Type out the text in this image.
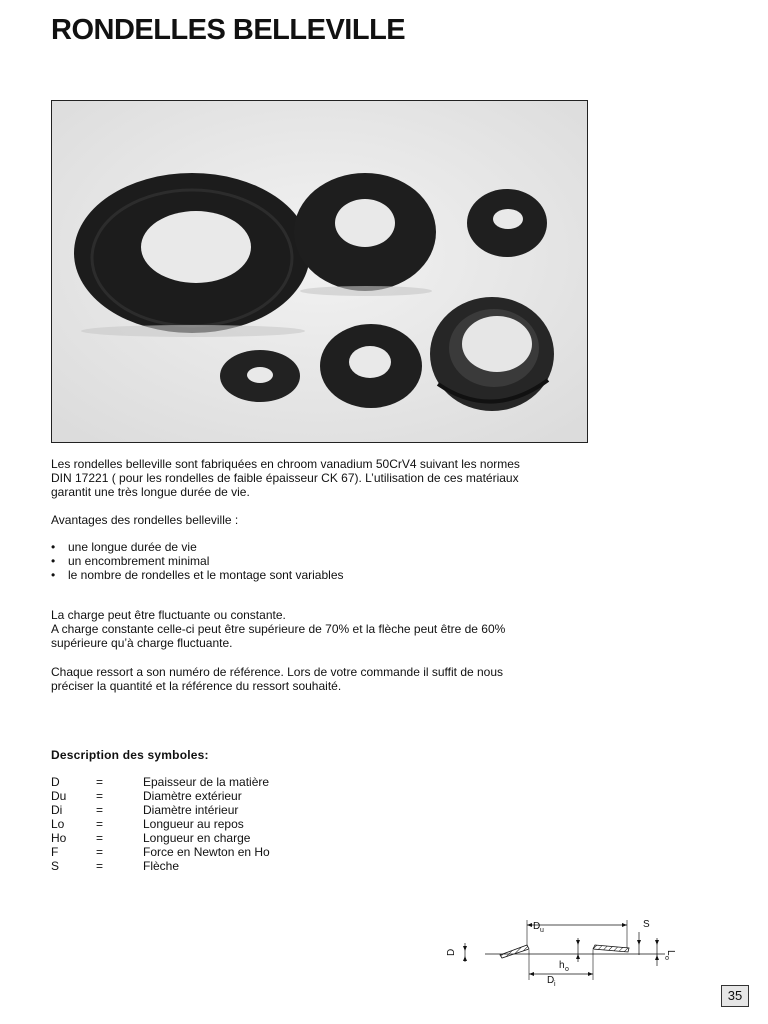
RONDELLES BELLEVILLE

Les rondelles belleville sont fabriquées en chroom vanadium 50CrV4 suivant les normes

DIN 17221 ( pour les rondelles de faible épaisseur CK 67). L’utilisation de ces matériaux

garantit une très longue durée de vie.

Avantages des rondelles belleville :
• une longue durée de vie
• un encombrement minimal
• le nombre de rondelles et le montage sont variables

La charge peut être fluctuante ou constante.

A charge constante celle-ci peut être supérieure de 70% et la flèche peut être de 60%

supérieure qu’à charge fluctuante.

Chaque ressort a son numéro de référence. Lors de votre commande il suffit de nous

préciser la quantité et la référence du ressort souhaité.

Description des symboles:
D	=	Epaisseur de la matière
Du =	Diamètre extérieur
Di	=	Diamètre intérieur
Lo	=	Longueur au repos
Ho =	Longueur en charge
F	=	Force en Newton en Ho
S	=	Flèche
D u
D i
h o
S
L
o
D
35
